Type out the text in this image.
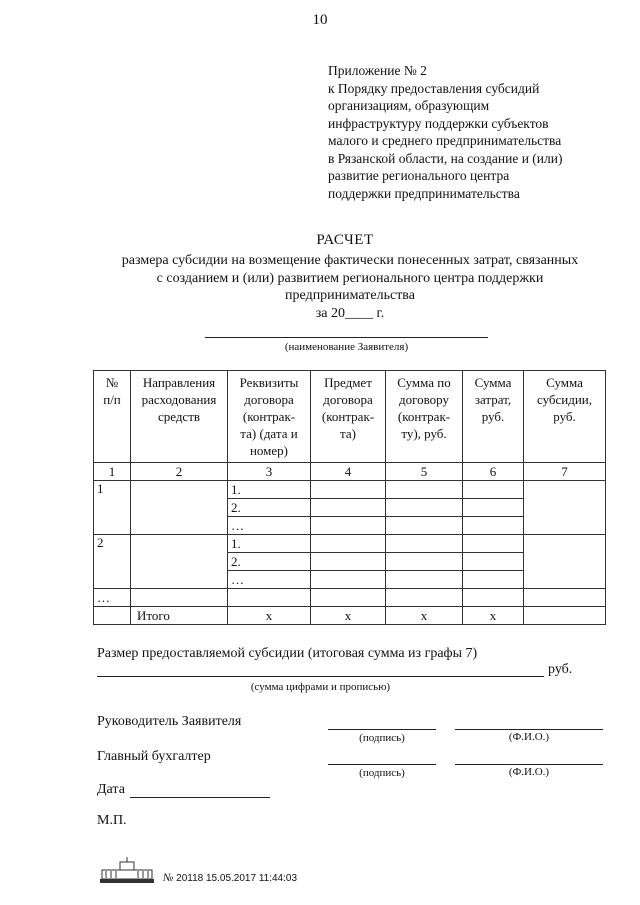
10
Приложение № 2
к Порядку предоставления субсидий
организациям, образующим
инфраструктуру поддержки субъектов
малого и среднего предпринимательства
в Рязанской области, на создание и (или)
развитие регионального центра
поддержки предпринимательства
РАСЧЕТ
размера субсидии на возмещение фактически понесенных затрат, связанных
с созданием и (или) развитием регионального центра поддержки
предпринимательства
за 20____ г.
(наименование Заявителя)
№
п/п	Направления
расходования
средств	Реквизиты
договора
(контрак-
та) (дата и
номер)	Предмет
договора
(контрак-
та)	Сумма по
договору
(контрак-
ту), руб.	Сумма
затрат,
руб.	Сумма
субсидии,
руб.
1	2	3	4	5	6	7
1		1.				
		2.				
		…				
2		1.				
		2.				
		…				
…						
	Итого	x	x	x	x	
Размер предоставляемой субсидии (итоговая сумма из графы 7)
руб.
(сумма цифрами и прописью)
Руководитель Заявителя
(подпись)	(Ф.И.О.)
Главный бухгалтер
(подпись)	(Ф.И.О.)
Дата
М.П.
№ 20118 15.05.2017 11:44:03
